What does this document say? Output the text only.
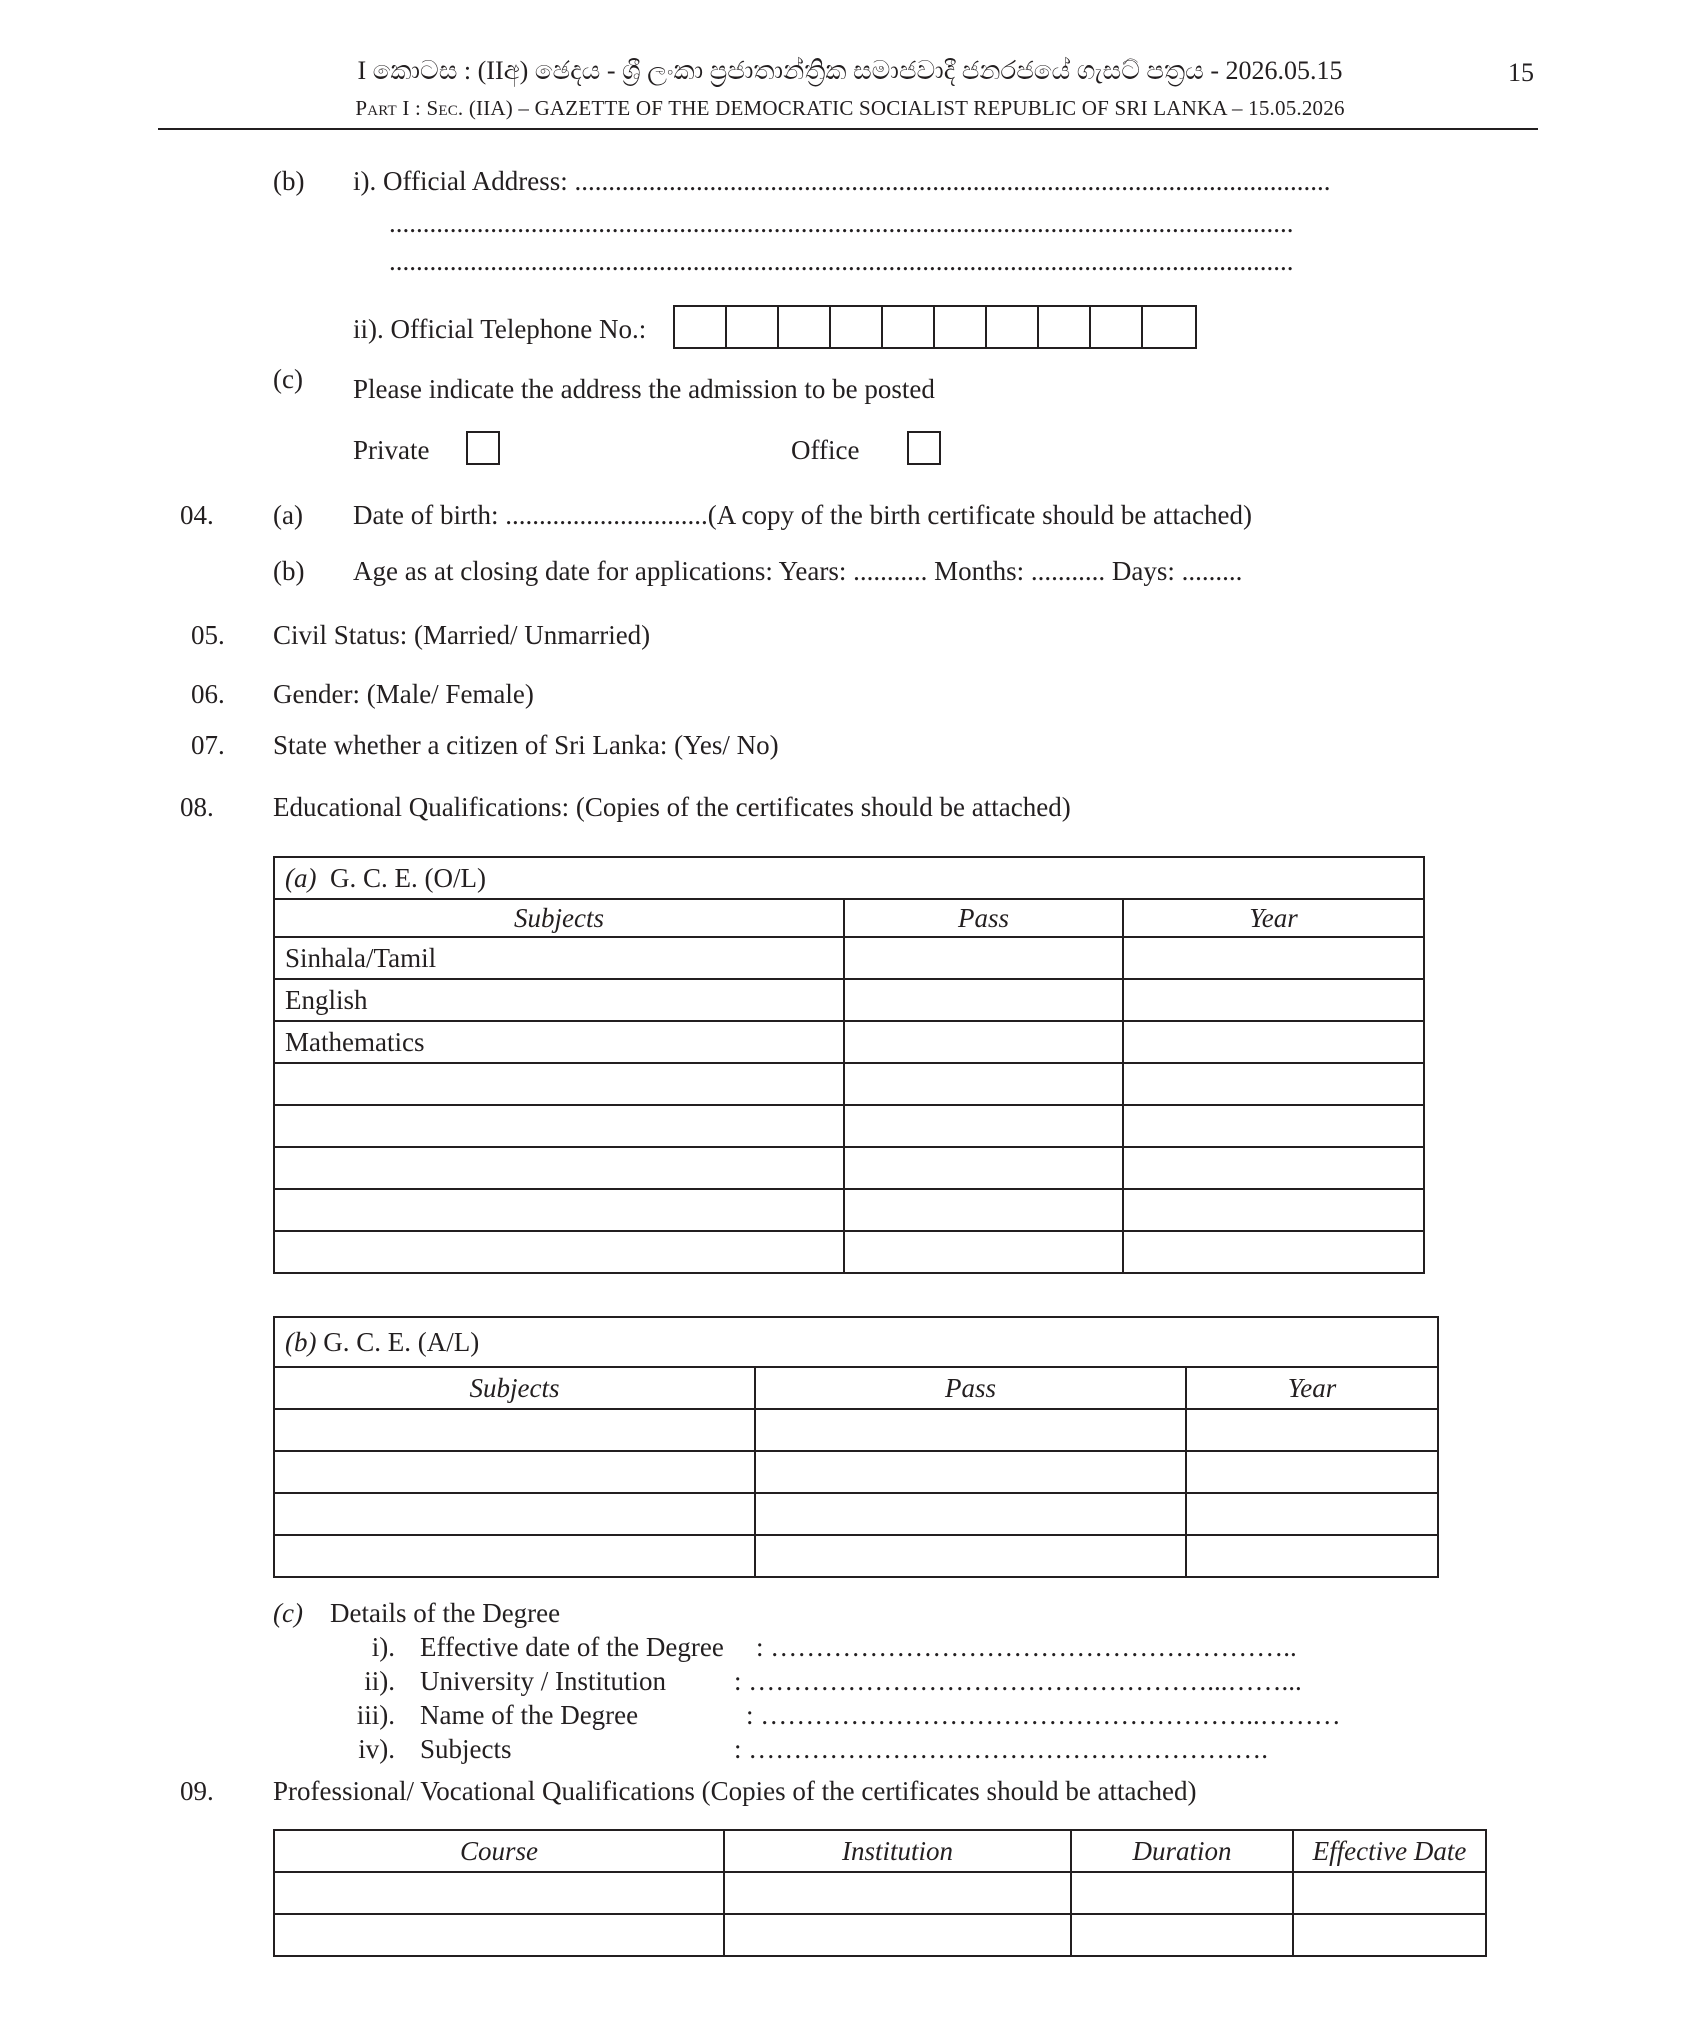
I කොටස : (IIඅ) ඡෙදය - ශ්‍රී ලංකා ප්‍රජාතාන්ත්‍රික සමාජවාදී ජනරජයේ ගැසට් පත්‍රය - 2026.05.15
Part I : Sec. (IIA) – GAZETTE OF THE DEMOCRATIC SOCIALIST REPUBLIC OF SRI LANKA – 15.05.2026
15
(b) i). Official Address: ................................................................................................................
......................................................................................................................................
......................................................................................................................................
ii). Official Telephone No.:
(c) Please indicate the address the admission to be posted
Private	Office
04. (a) Date of birth: ..............................(A copy of the birth certificate should be attached)
(b) Age as at closing date for applications: Years: ........... Months: ........... Days: .........
05. Civil Status: (Married/ Unmarried)
06. Gender: (Male/ Female)
07. State whether a citizen of Sri Lanka: (Yes/ No)
08. Educational Qualifications: (Copies of the certificates should be attached)
(a) G. C. E. (O/L)		
Subjects	Pass	Year
Sinhala/Tamil		
English		
Mathematics		

(b) G. C. E. (A/L)		
Subjects	Pass	Year

(c) Details of the Degree
i). Effective date of the Degree : …………………………………………………..
ii). University / Institution	: ……………………………………………...……...
iii). Name of the Degree	: ………………………………………………..………
iv). Subjects	: ………………………………………………….
09. Professional/ Vocational Qualifications (Copies of the certificates should be attached)
Course	Institution	Duration	Effective Date
